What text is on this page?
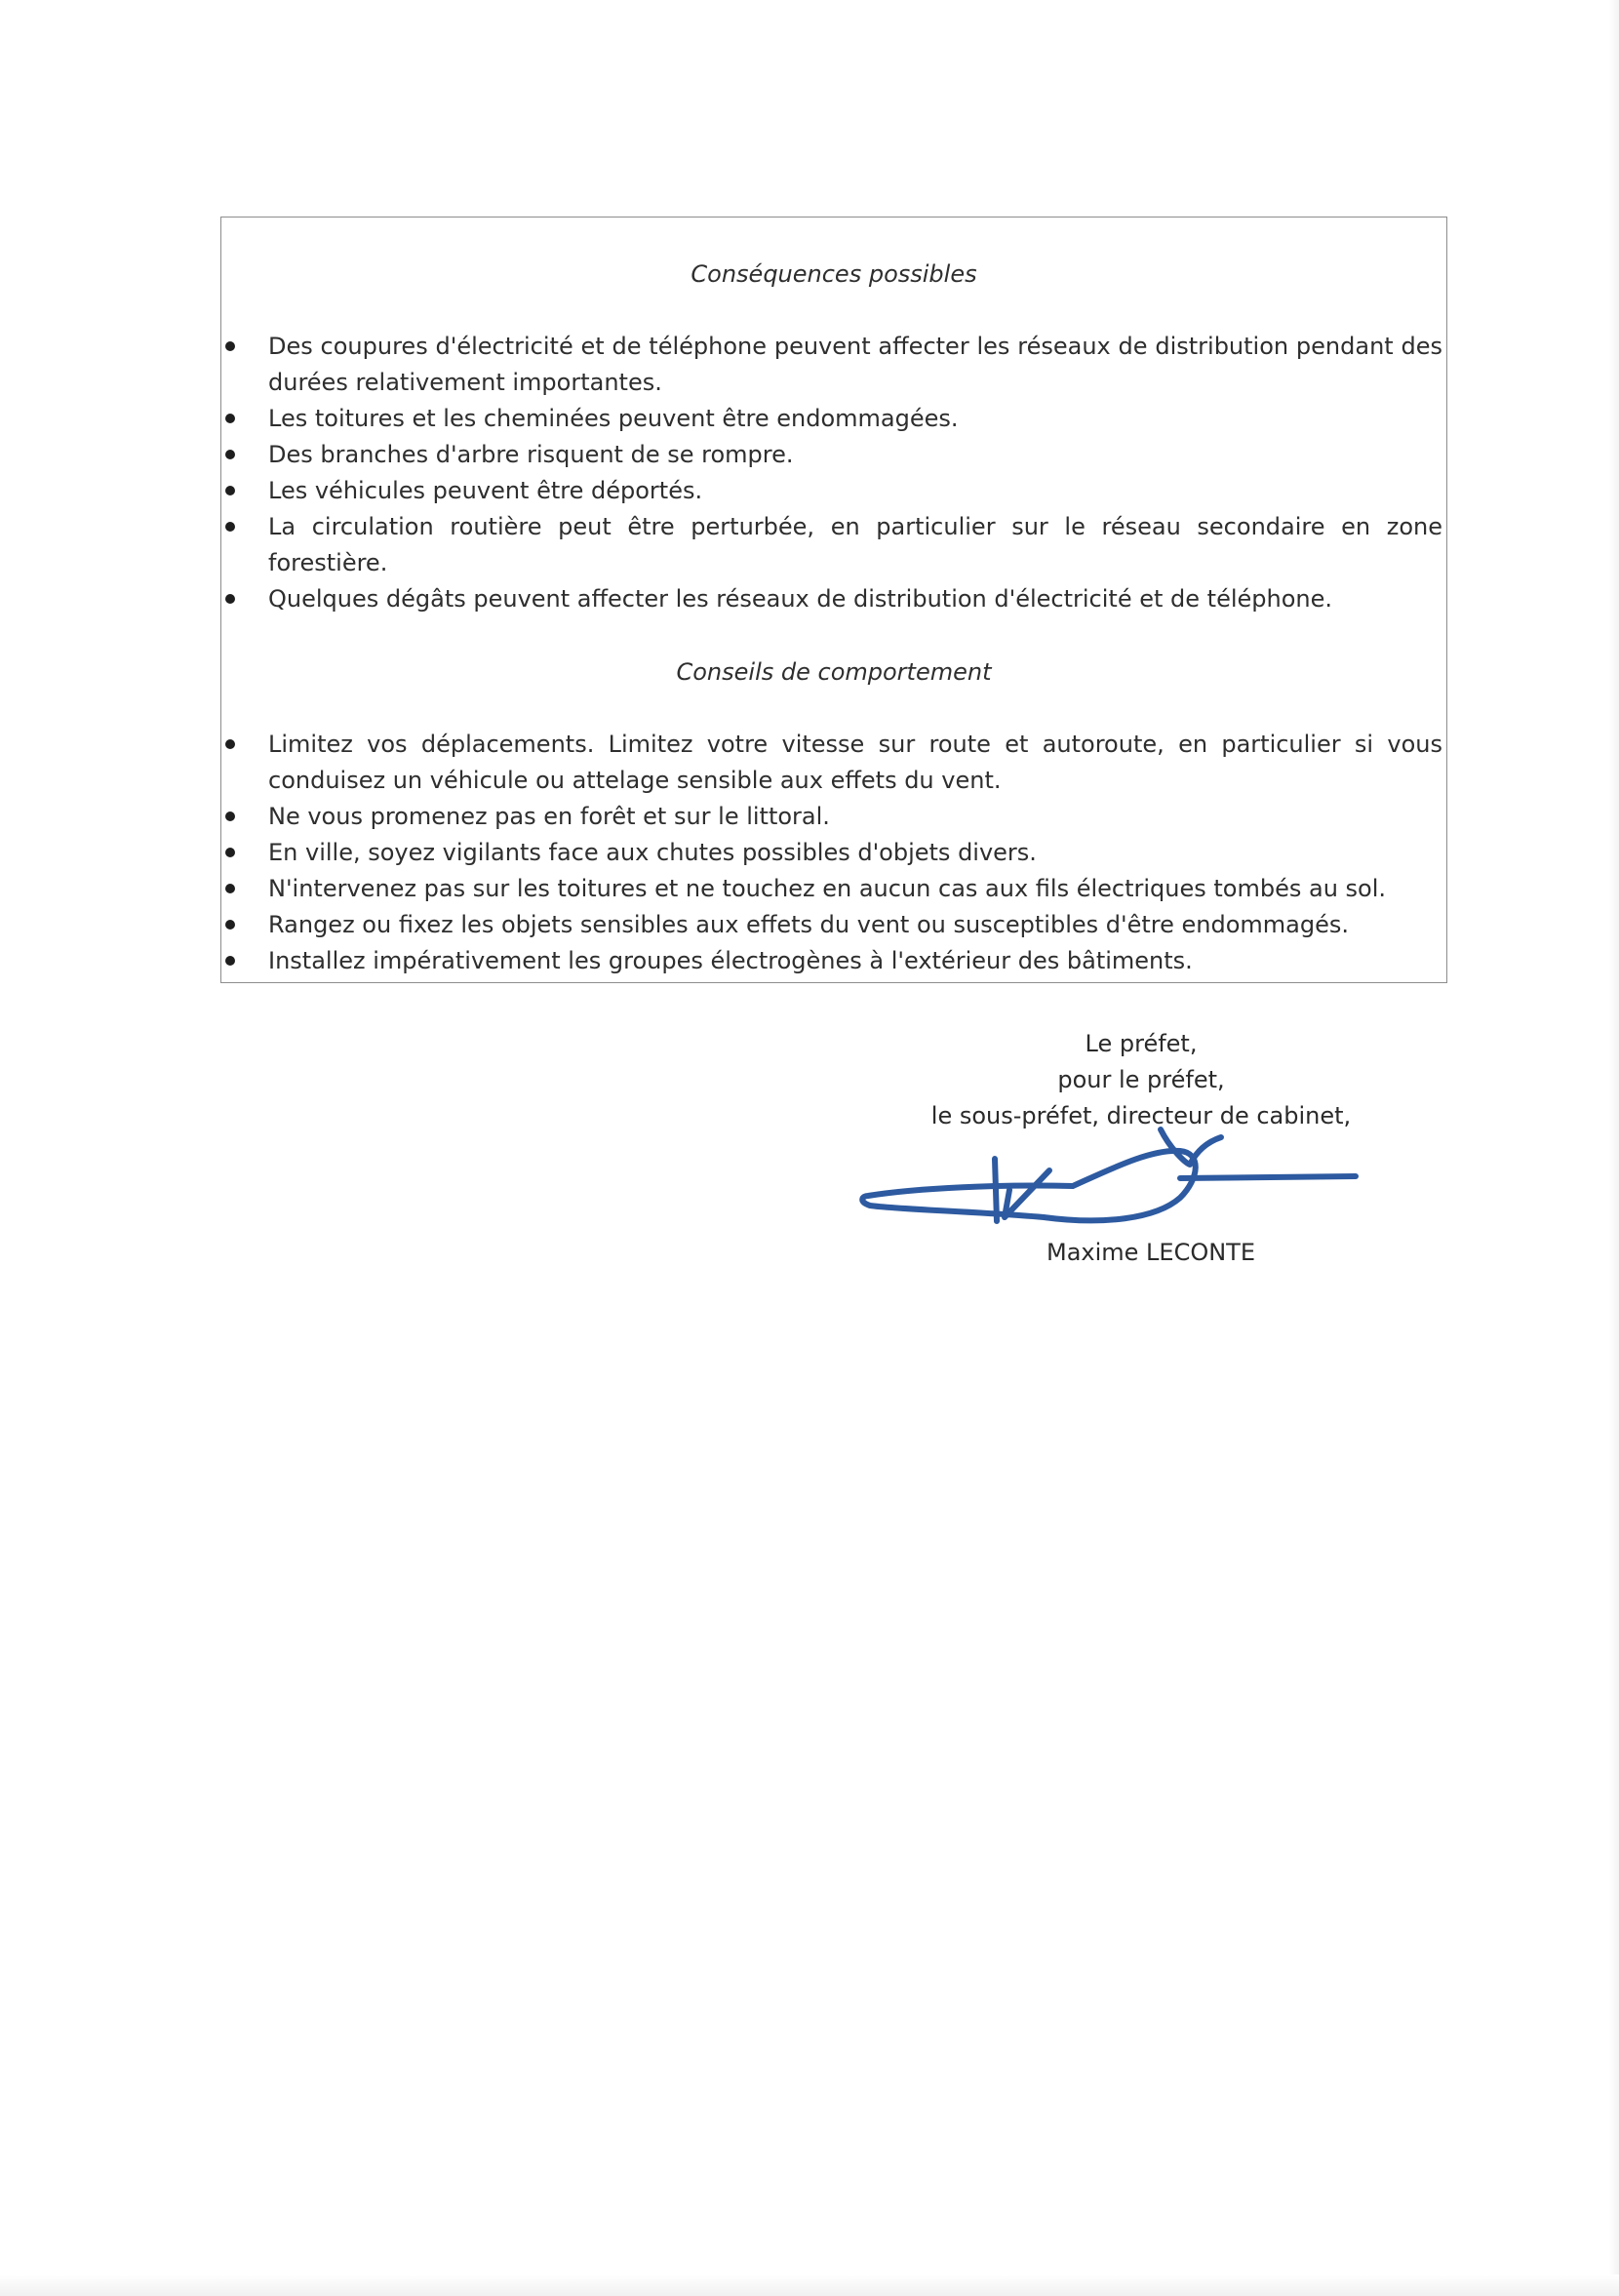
Conséquences possibles
Des coupures d'électricité et de téléphone peuvent affecter les réseaux de distribution pendant des durées relativement importantes.
Les toitures et les cheminées peuvent être endommagées.
Des branches d'arbre risquent de se rompre.
Les véhicules peuvent être déportés.
La circulation routière peut être perturbée, en particulier sur le réseau secondaire en zone forestière.
Quelques dégâts peuvent affecter les réseaux de distribution d'électricité et de téléphone.
Conseils de comportement
Limitez vos déplacements. Limitez votre vitesse sur route et autoroute, en particulier si vous conduisez un véhicule ou attelage sensible aux effets du vent.
Ne vous promenez pas en forêt et sur le littoral.
En ville, soyez vigilants face aux chutes possibles d'objets divers.
N'intervenez pas sur les toitures et ne touchez en aucun cas aux fils électriques tombés au sol.
Rangez ou fixez les objets sensibles aux effets du vent ou susceptibles d'être endommagés.
Installez impérativement les groupes électrogènes à l'extérieur des bâtiments.
Le préfet,
pour le préfet,
le sous-préfet, directeur de cabinet,
Maxime LECONTE
